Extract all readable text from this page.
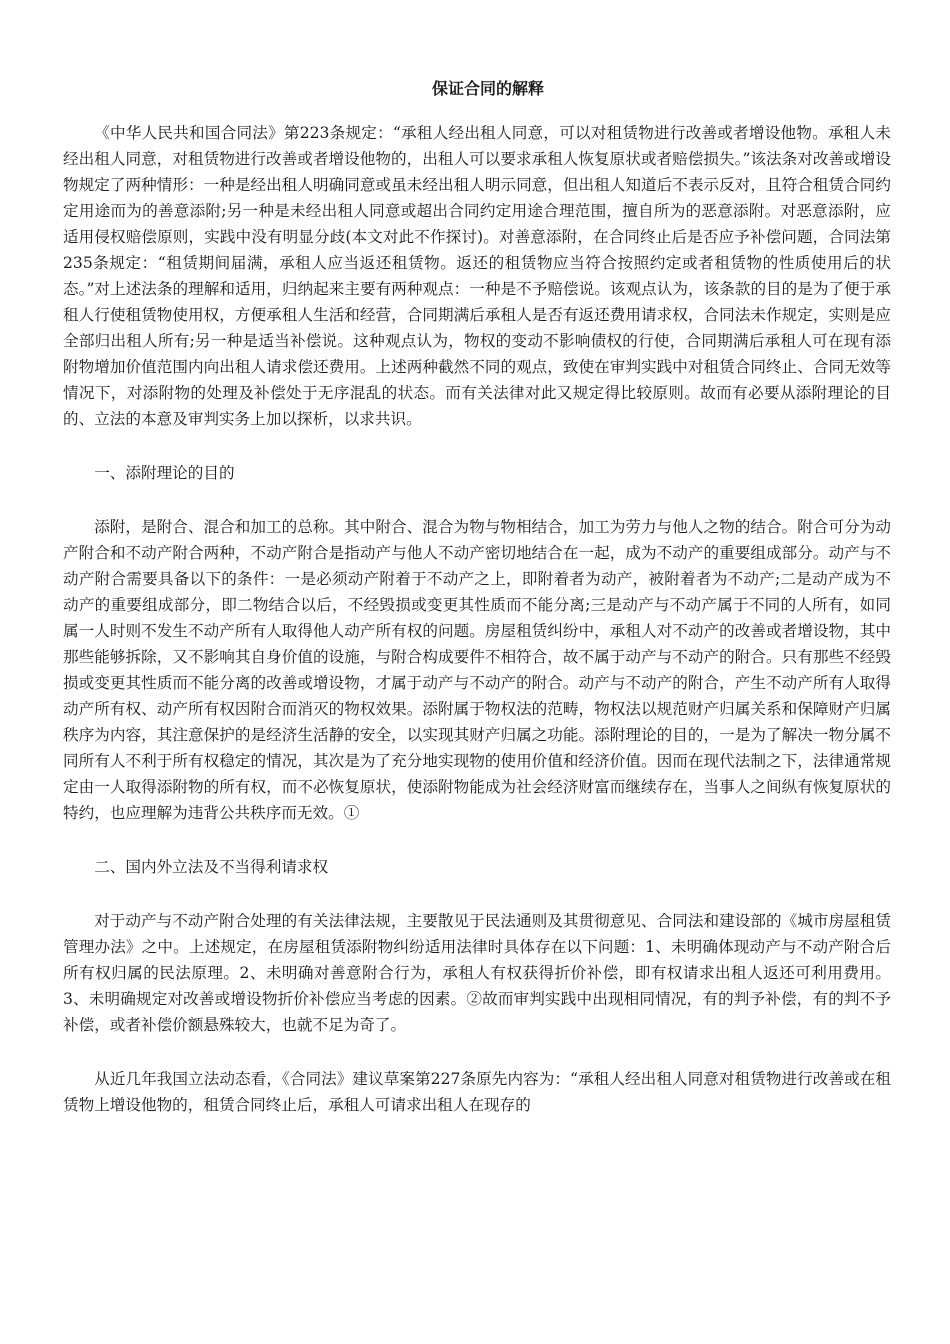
保证合同的解释

《中华人民共和国合同法》第223条规定：“承租人经出租人同意，可以对租赁物进行改善或者增设他物。承租人未经出租人同意，对租赁物进行改善或者增设他物的，出租人可以要求承租人恢复原状或者赔偿损失。”该法条对改善或增设物规定了两种情形：一种是经出租人明确同意或虽未经出租人明示同意，但出租人知道后不表示反对，且符合租赁合同约定用途而为的善意添附;另一种是未经出租人同意或超出合同约定用途合理范围，擅自所为的恶意添附。对恶意添附，应适用侵权赔偿原则，实践中没有明显分歧(本文对此不作探讨)。对善意添附，在合同终止后是否应予补偿问题，合同法第235条规定：“租赁期间届满，承租人应当返还租赁物。返还的租赁物应当符合按照约定或者租赁物的性质使用后的状态。”对上述法条的理解和适用，归纳起来主要有两种观点：一种是不予赔偿说。该观点认为，该条款的目的是为了便于承租人行使租赁物使用权，方便承租人生活和经营，合同期满后承租人是否有返还费用请求权，合同法未作规定，实则是应全部归出租人所有;另一种是适当补偿说。这种观点认为，物权的变动不影响债权的行使，合同期满后承租人可在现有添附物增加价值范围内向出租人请求偿还费用。上述两种截然不同的观点，致使在审判实践中对租赁合同终止、合同无效等情况下，对添附物的处理及补偿处于无序混乱的状态。而有关法律对此又规定得比较原则。故而有必要从添附理论的目的、立法的本意及审判实务上加以探析，以求共识。

一、添附理论的目的

添附，是附合、混合和加工的总称。其中附合、混合为物与物相结合，加工为劳力与他人之物的结合。附合可分为动产附合和不动产附合两种，不动产附合是指动产与他人不动产密切地结合在一起，成为不动产的重要组成部分。动产与不动产附合需要具备以下的条件：一是必须动产附着于不动产之上，即附着者为动产，被附着者为不动产;二是动产成为不动产的重要组成部分，即二物结合以后，不经毁损或变更其性质而不能分离;三是动产与不动产属于不同的人所有，如同属一人时则不发生不动产所有人取得他人动产所有权的问题。房屋租赁纠纷中，承租人对不动产的改善或者增设物，其中那些能够拆除，又不影响其自身价值的设施，与附合构成要件不相符合，故不属于动产与不动产的附合。只有那些不经毁损或变更其性质而不能分离的改善或增设物，才属于动产与不动产的附合。动产与不动产的附合，产生不动产所有人取得动产所有权、动产所有权因附合而消灭的物权效果。添附属于物权法的范畴，物权法以规范财产归属关系和保障财产归属秩序为内容，其注意保护的是经济生活静的安全，以实现其财产归属之功能。添附理论的目的，一是为了解决一物分属不同所有人不利于所有权稳定的情况，其次是为了充分地实现物的使用价值和经济价值。因而在现代法制之下，法律通常规定由一人取得添附物的所有权，而不必恢复原状，使添附物能成为社会经济财富而继续存在，当事人之间纵有恢复原状的特约，也应理解为违背公共秩序而无效。①

二、国内外立法及不当得利请求权

对于动产与不动产附合处理的有关法律法规，主要散见于民法通则及其贯彻意见、合同法和建设部的《城市房屋租赁管理办法》之中。上述规定，在房屋租赁添附物纠纷适用法律时具体存在以下问题：1、未明确体现动产与不动产附合后所有权归属的民法原理。2、未明确对善意附合行为，承租人有权获得折价补偿，即有权请求出租人返还可利用费用。3、未明确规定对改善或增设物折价补偿应当考虑的因素。②故而审判实践中出现相同情况，有的判予补偿，有的判不予补偿，或者补偿价额悬殊较大，也就不足为奇了。

从近几年我国立法动态看，《合同法》建议草案第227条原先内容为：“承租人经出租人同意对租赁物进行改善或在租赁物上增设他物的，租赁合同终止后，承租人可请求出租人在现存的
